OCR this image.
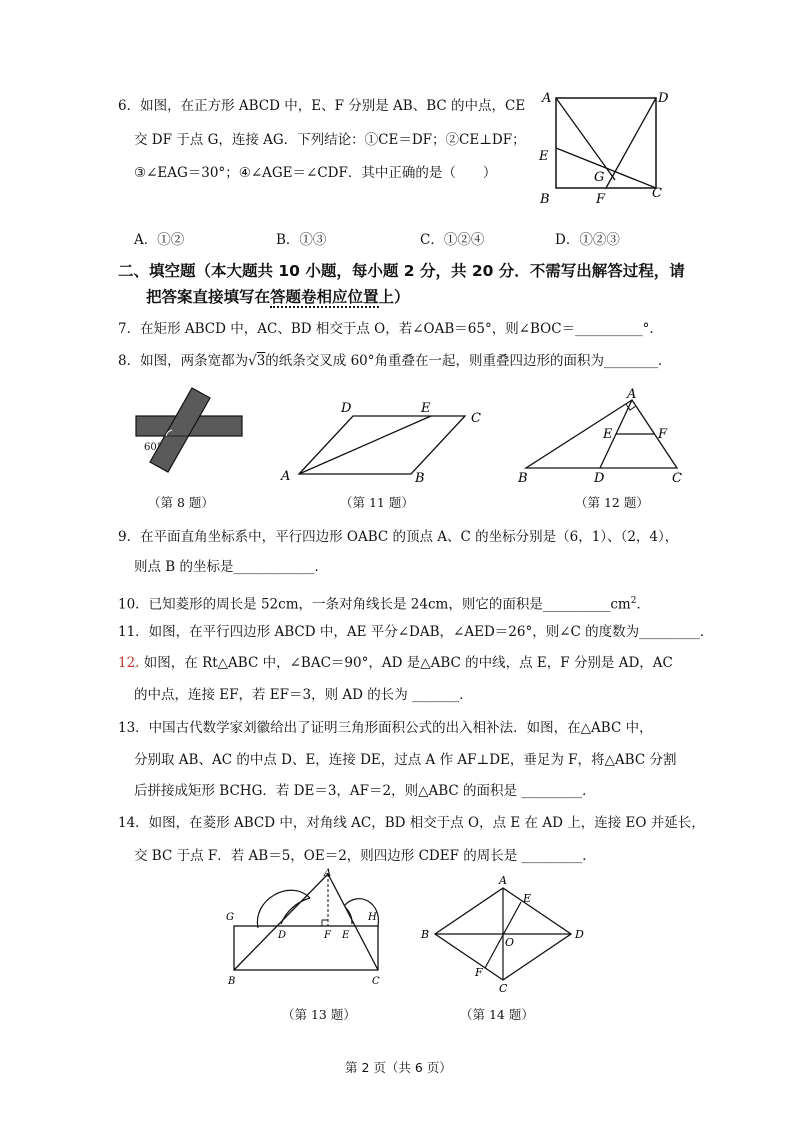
6．如图，在正方形 ABCD 中，E、F 分别是 AB、BC 的中点，CE
交 DF 于点 G，连接 AG．下列结论：①CE＝DF；②CE⊥DF；
③∠EAG＝30°；④∠AGE＝∠CDF．其中正确的是（　　）
A	D
E
G
B	F	C
A．①②	B．①③	C．①②④	D．①②③
二、填空题（本大题共 10 小题，每小题 2 分，共 20 分．不需写出解答过程，请
把答案直接填写在答题卷相应位置上）
7．在矩形 ABCD 中，AC、BD 相交于点 O，若∠OAB＝65°，则∠BOC＝__________°．
8．如图，两条宽都为√3的纸条交叉成 60°角重叠在一起，则重叠四边形的面积为________．
60°
D	E
C
A	B
A
E	F
B	D	C
（第 8 题）	（第 11 题）	（第 12 题）
9．在平面直角坐标系中，平行四边形 OABC 的顶点 A、C 的坐标分别是（6，1）、（2，4），
则点 B 的坐标是____________．
10．已知菱形的周长是 52cm，一条对角线长是 24cm，则它的面积是$\_\_\_\_\_\_\_\_\_\_cm^2$．
11．如图，在平行四边形 ABCD 中，AE 平分∠DAB，∠AED＝26°，则∠C 的度数为_________．
12. 如图，在 Rt△ABC 中，∠BAC＝90°，AD 是△ABC 的中线，点 E，F 分别是 AD，AC
的中点，连接 EF，若 EF＝3，则 AD 的长为 _______．
13．中国古代数学家刘徽给出了证明三角形面积公式的出入相补法．如图，在△ABC 中，
分别取 AB、AC 的中点 D、E，连接 DE，过点 A 作 AF⊥DE，垂足为 F，将△ABC 分割
后拼接成矩形 BCHG．若 DE＝3，AF＝2，则△ABC 的面积是 _________．
14．如图，在菱形 ABCD 中，对角线 AC，BD 相交于点 O，点 E 在 AD 上，连接 EO 并延长，
交 BC 于点 F．若 AB＝5，OE＝2，则四边形 CDEF 的周长是 _________．
A
G	H
D	F E
B	C
A
E
B
O
D
F
C
（第 13 题）	（第 14 题）
第 2 页（共 6 页）
